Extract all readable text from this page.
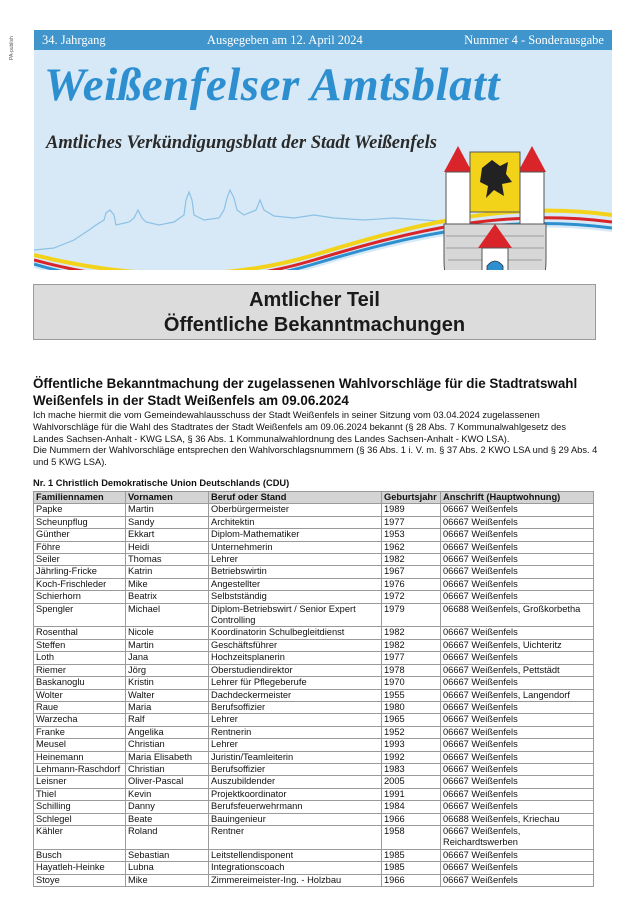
PA-publish 34. Jahrgang	Ausgegeben am 12. April 2024	Nummer 4 - Sonderausgabe
Weißenfelser Amtsblatt
Amtliches Verkündigungsblatt der Stadt Weißenfels
Amtlicher Teil
Öffentliche Bekanntmachungen
Öffentliche Bekanntmachung der zugelassenen Wahlvorschläge für die Stadtratswahl Weißenfels in der Stadt Weißenfels am 09.06.2024

Ich mache hiermit die vom Gemeindewahlausschuss der Stadt Weißenfels in seiner Sitzung vom 03.04.2024 zugelassenen Wahlvorschläge für die Wahl des Stadtrates der Stadt Weißenfels am 09.06.2024 bekannt (§ 28 Abs. 7 Kommunalwahlgesetz des Landes Sachsen-Anhalt - KWG LSA, § 36 Abs. 1 Kommunalwahlordnung des Landes Sachsen-Anhalt - KWO LSA).

Die Nummern der Wahlvorschläge entsprechen den Wahlvorschlagsnummern (§ 36 Abs. 1 i. V. m. § 37 Abs. 2 KWO LSA und § 29 Abs. 4 und 5 KWG LSA).

Nr. 1 Christlich Demokratische Union Deutschlands (CDU)
Familiennamen	Vornamen	Beruf oder Stand	Geburtsjahr	Anschrift (Hauptwohnung)
Papke	Martin	Oberbürgermeister	1989	06667 Weißenfels
Scheunpflug	Sandy	Architektin	1977	06667 Weißenfels
Günther	Ekkart	Diplom-Mathematiker	1953	06667 Weißenfels
Föhre	Heidi	Unternehmerin	1962	06667 Weißenfels
Seiler	Thomas	Lehrer	1982	06667 Weißenfels
Jährling-Fricke	Katrin	Betriebswirtin	1967	06667 Weißenfels
Koch-Frischleder	Mike	Angestellter	1976	06667 Weißenfels
Schierhorn	Beatrix	Selbstständig	1972	06667 Weißenfels
Spengler	Michael	Diplom-Betriebswirt / Senior Expert Controlling	1979	06688 Weißenfels, Großkorbetha
Rosenthal	Nicole	Koordinatorin Schulbegleitdienst	1982	06667 Weißenfels
Steffen	Martin	Geschäftsführer	1982	06667 Weißenfels, Uichteritz
Loth	Jana	Hochzeitsplanerin	1977	06667 Weißenfels
Riemer	Jörg	Oberstudiendirektor	1978	06667 Weißenfels, Pettstädt
Baskanoglu	Kristin	Lehrer für Pflegeberufe	1970	06667 Weißenfels
Wolter	Walter	Dachdeckermeister	1955	06667 Weißenfels, Langendorf
Raue	Maria	Berufsoffizier	1980	06667 Weißenfels
Warzecha	Ralf	Lehrer	1965	06667 Weißenfels
Franke	Angelika	Rentnerin	1952	06667 Weißenfels
Meusel	Christian	Lehrer	1993	06667 Weißenfels
Heinemann	Maria Elisabeth	Juristin/Teamleiterin	1992	06667 Weißenfels
Lehmann-Raschdorf	Christian	Berufsoffizier	1983	06667 Weißenfels
Leisner	Oliver-Pascal	Auszubildender	2005	06667 Weißenfels
Thiel	Kevin	Projektkoordinator	1991	06667 Weißenfels
Schilling	Danny	Berufsfeuerwehrmann	1984	06667 Weißenfels
Schlegel	Beate	Bauingenieur	1966	06688 Weißenfels, Kriechau
Kähler	Roland	Rentner	1958	06667 Weißenfels, Reichardtswerben
Busch	Sebastian	Leitstellendisponent	1985	06667 Weißenfels
Hayatleh-Heinke	Lubna	Integrationscoach	1985	06667 Weißenfels
Stoye	Mike	Zimmereimeister-Ing. - Holzbau	1966	06667 Weißenfels
